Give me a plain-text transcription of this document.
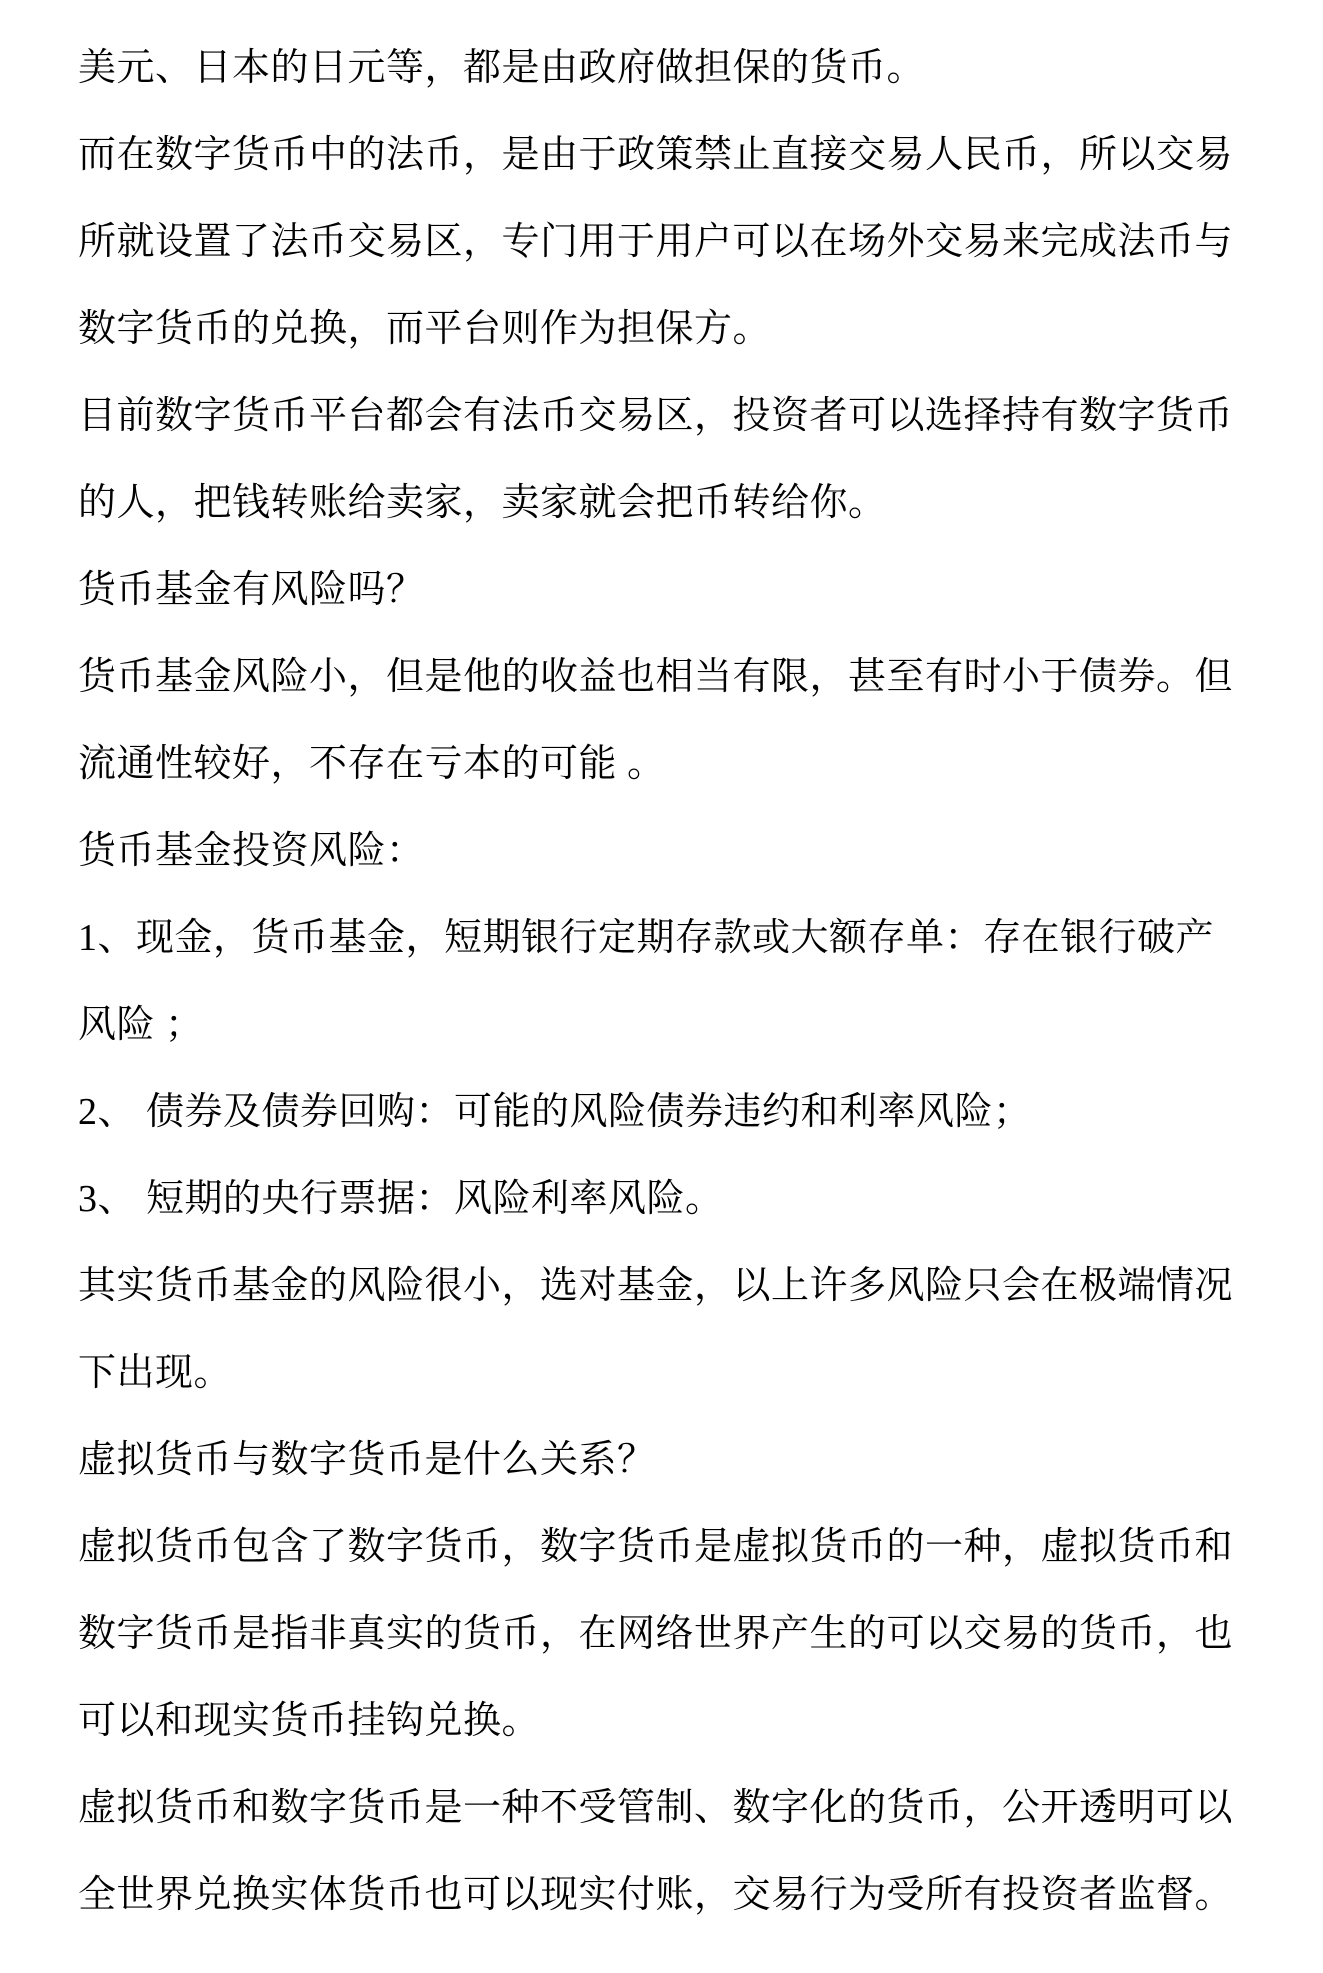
美元、日本的日元等，都是由政府做担保的货币。
而在数字货币中的法币，是由于政策禁止直接交易人民币，所以交易
所就设置了法币交易区，专门用于用户可以在场外交易来完成法币与
数字货币的兑换，而平台则作为担保方。
目前数字货币平台都会有法币交易区，投资者可以选择持有数字货币
的人，把钱转账给卖家，卖家就会把币转给你。
货币基金有风险吗？
货币基金风险小，但是他的收益也相当有限，甚至有时小于债券。但
流通性较好，不存在亏本的可能 。
货币基金投资风险：
1、现金，货币基金，短期银行定期存款或大额存单：存在银行破产
风险 ；
2、 债券及债券回购：可能的风险债券违约和利率风险；
3、 短期的央行票据：风险利率风险。
其实货币基金的风险很小，选对基金，以上许多风险只会在极端情况
下出现。
虚拟货币与数字货币是什么关系？
虚拟货币包含了数字货币，数字货币是虚拟货币的一种，虚拟货币和
数字货币是指非真实的货币，在网络世界产生的可以交易的货币，也
可以和现实货币挂钩兑换。
虚拟货币和数字货币是一种不受管制、数字化的货币，公开透明可以
全世界兑换实体货币也可以现实付账，交易行为受所有投资者监督。
